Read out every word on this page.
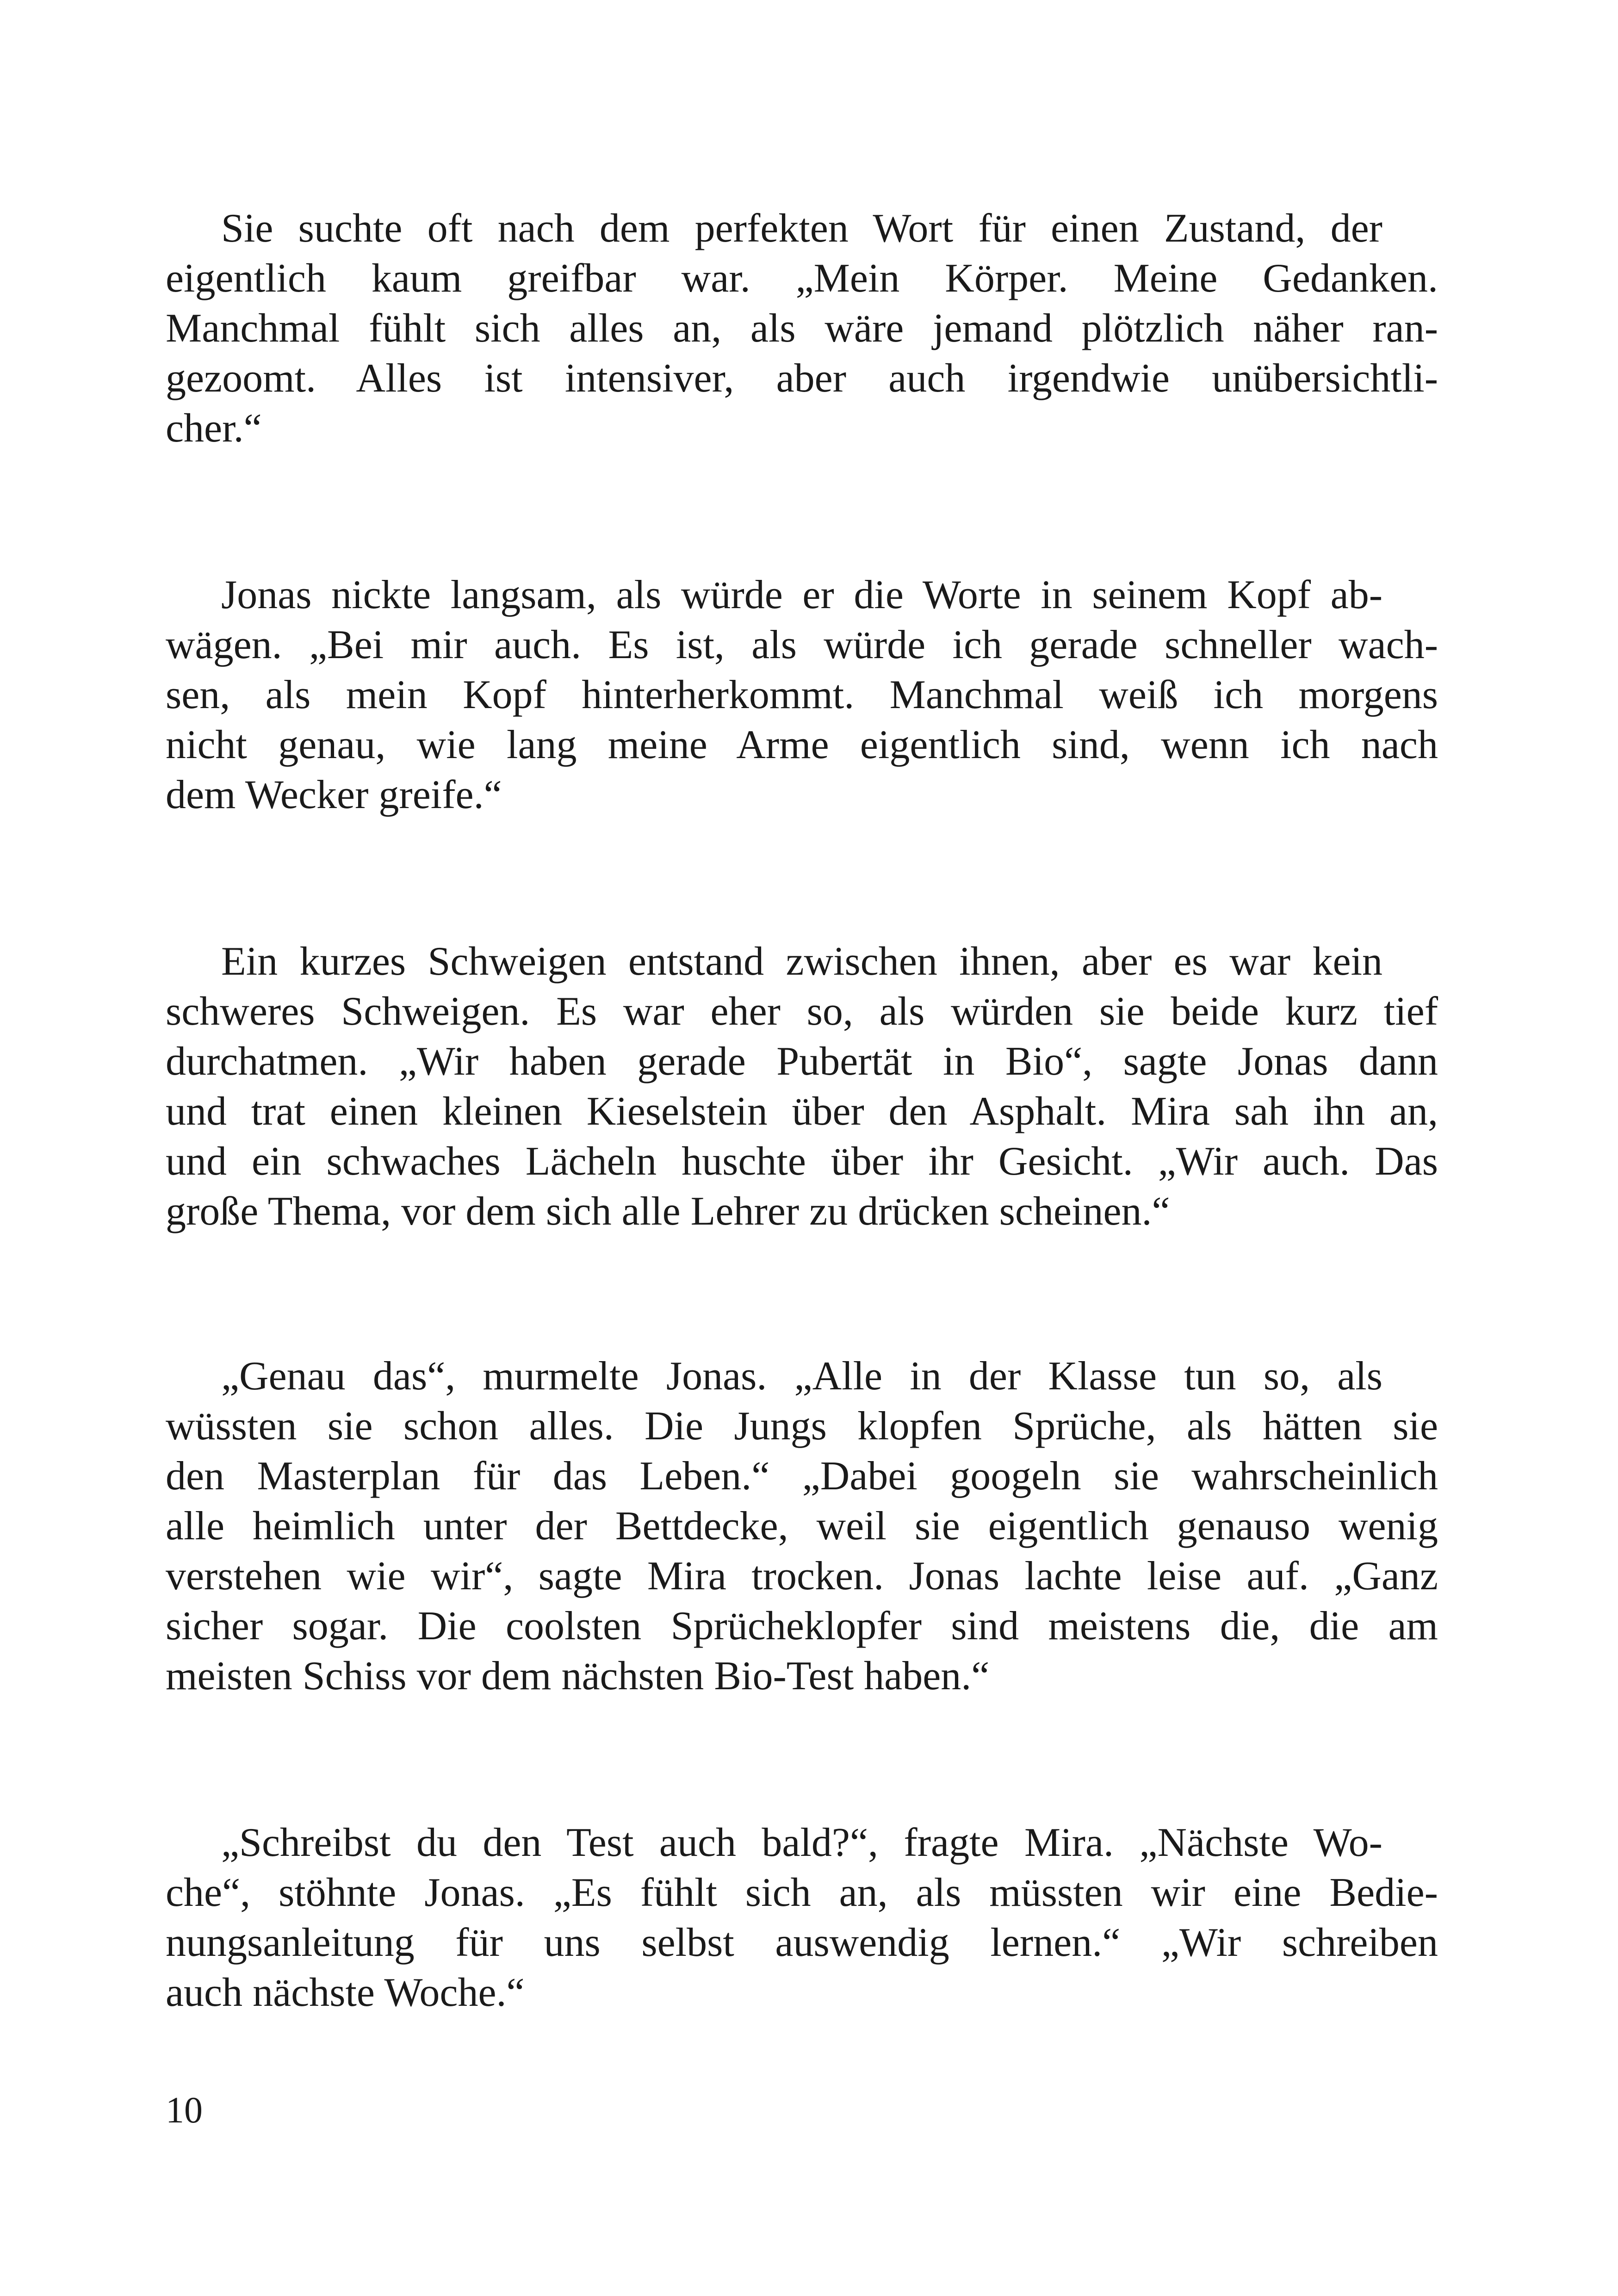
Sie suchte oft nach dem perfekten Wort für einen Zustand, der
eigentlich kaum greifbar war. „Mein Körper. Meine Gedanken.
Manchmal fühlt sich alles an, als wäre jemand plötzlich näher ran-
gezoomt. Alles ist intensiver, aber auch irgendwie unübersichtli-
cher.“
Jonas nickte langsam, als würde er die Worte in seinem Kopf ab-
wägen. „Bei mir auch. Es ist, als würde ich gerade schneller wach-
sen, als mein Kopf hinterherkommt. Manchmal weiß ich morgens
nicht genau, wie lang meine Arme eigentlich sind, wenn ich nach
dem Wecker greife.“
Ein kurzes Schweigen entstand zwischen ihnen, aber es war kein
schweres Schweigen. Es war eher so, als würden sie beide kurz tief
durchatmen. „Wir haben gerade Pubertät in Bio“, sagte Jonas dann
und trat einen kleinen Kieselstein über den Asphalt. Mira sah ihn an,
und ein schwaches Lächeln huschte über ihr Gesicht. „Wir auch. Das
große Thema, vor dem sich alle Lehrer zu drücken scheinen.“
„Genau das“, murmelte Jonas. „Alle in der Klasse tun so, als
wüssten sie schon alles. Die Jungs klopfen Sprüche, als hätten sie
den Masterplan für das Leben.“ „Dabei googeln sie wahrscheinlich
alle heimlich unter der Bettdecke, weil sie eigentlich genauso wenig
verstehen wie wir“, sagte Mira trocken. Jonas lachte leise auf. „Ganz
sicher sogar. Die coolsten Sprücheklopfer sind meistens die, die am
meisten Schiss vor dem nächsten Bio-Test haben.“
„Schreibst du den Test auch bald?“, fragte Mira. „Nächste Wo-
che“, stöhnte Jonas. „Es fühlt sich an, als müssten wir eine Bedie-
nungsanleitung für uns selbst auswendig lernen.“ „Wir schreiben
auch nächste Woche.“
10
